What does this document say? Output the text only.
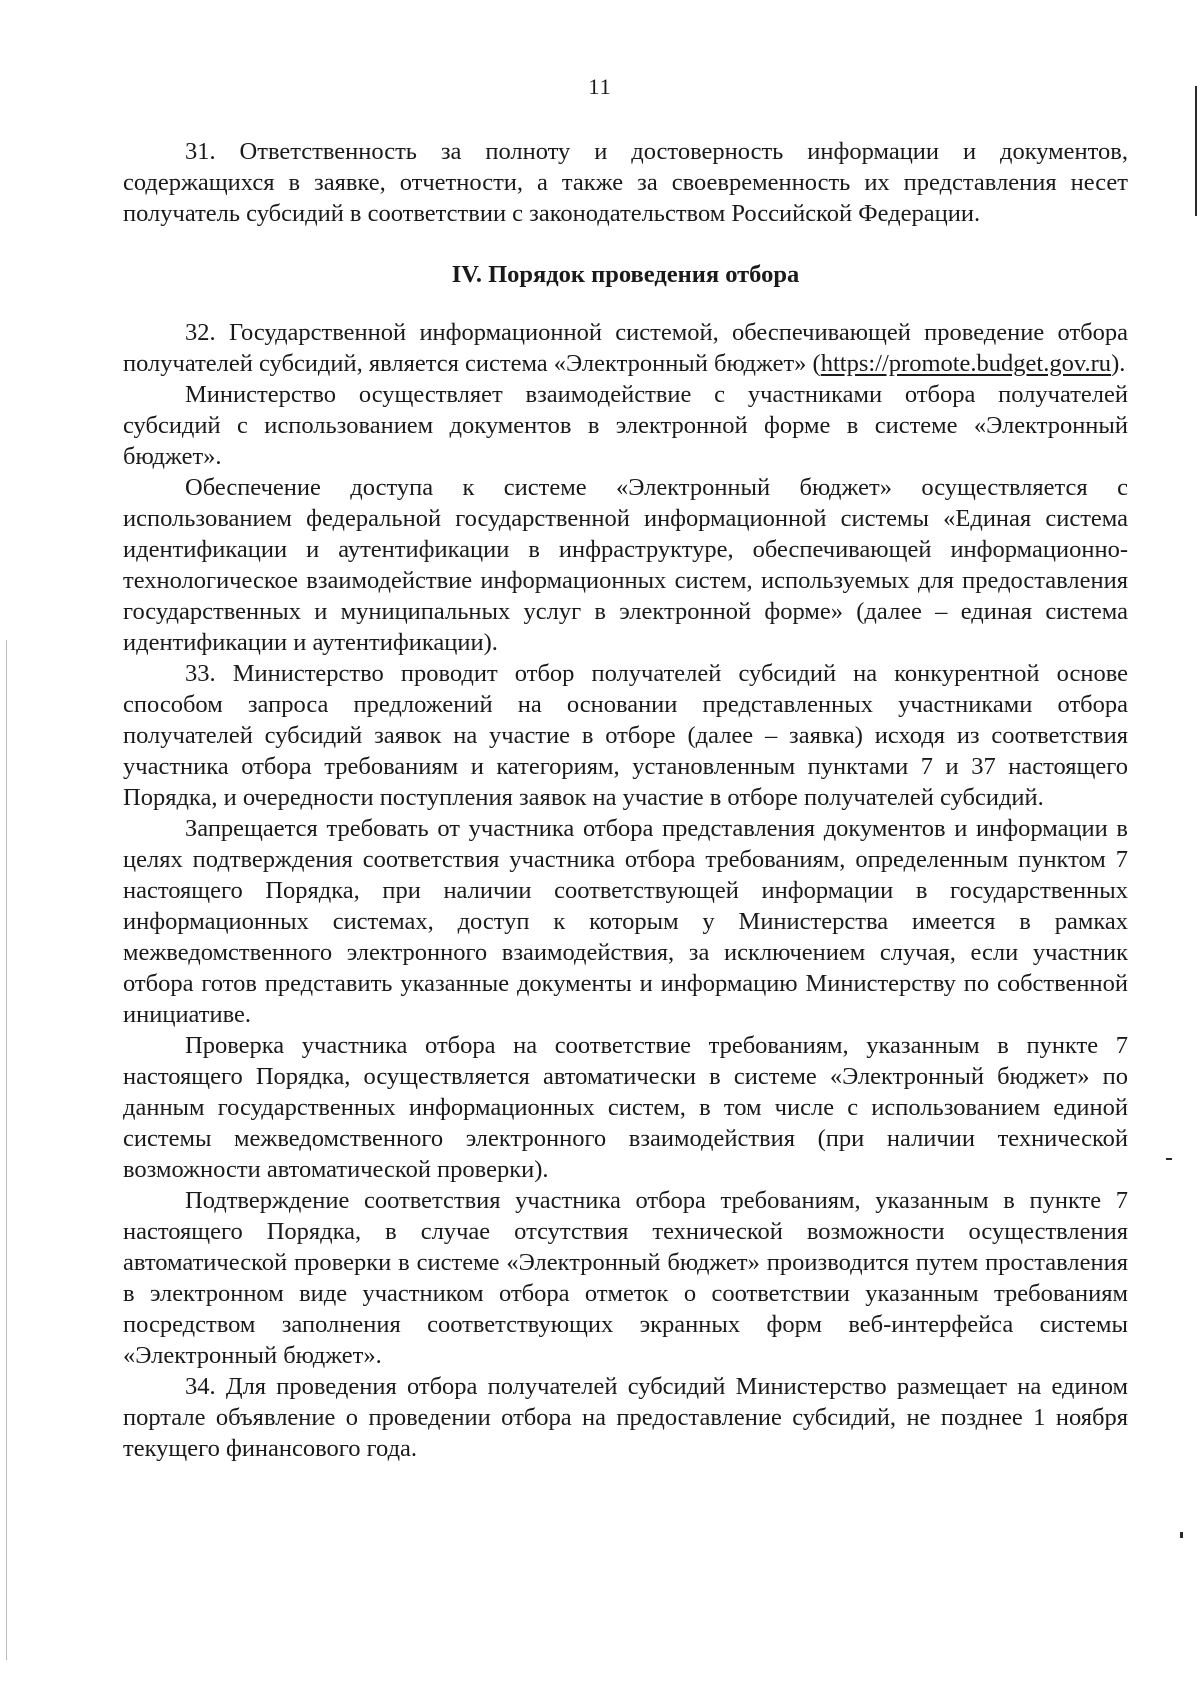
11

31. Ответственность за полноту и достоверность информации и документов, содержащихся в заявке, отчетности, а также за своевременность их представления несет получатель субсидий в соответствии с законодательством Российской Федерации.

IV. Порядок проведения отбора

32. Государственной информационной системой, обеспечивающей проведение отбора получателей субсидий, является система «Электронный бюджет» (https://promote.budget.gov.ru).

Министерство осуществляет взаимодействие с участниками отбора получателей субсидий с использованием документов в электронной форме в системе «Электронный бюджет».

Обеспечение доступа к системе «Электронный бюджет» осуществляется с использованием федеральной государственной информационной системы «Единая система идентификации и аутентификации в инфраструктуре, обеспечивающей информационно-технологическое взаимодействие информационных систем, используемых для предоставления государственных и муниципальных услуг в электронной форме» (далее – единая система идентификации и аутентификации).

33. Министерство проводит отбор получателей субсидий на конкурентной основе способом запроса предложений на основании представленных участниками отбора получателей субсидий заявок на участие в отборе (далее – заявка) исходя из соответствия участника отбора требованиям и категориям, установленным пунктами 7 и 37 настоящего Порядка, и очередности поступления заявок на участие в отборе получателей субсидий.

Запрещается требовать от участника отбора представления документов и информации в целях подтверждения соответствия участника отбора требованиям, определенным пунктом 7 настоящего Порядка, при наличии соответствующей информации в государственных информационных системах, доступ к которым у Министерства имеется в рамках межведомственного электронного взаимодействия, за исключением случая, если участник отбора готов представить указанные документы и информацию Министерству по собственной инициативе.

Проверка участника отбора на соответствие требованиям, указанным в пункте 7 настоящего Порядка, осуществляется автоматически в системе «Электронный бюджет» по данным государственных информационных систем, в том числе с использованием единой системы межведомственного электронного взаимодействия (при наличии технической возможности автоматической проверки).

Подтверждение соответствия участника отбора требованиям, указанным в пункте 7 настоящего Порядка, в случае отсутствия технической возможности осуществления автоматической проверки в системе «Электронный бюджет» производится путем проставления в электронном виде участником отбора отметок о соответствии указанным требованиям посредством заполнения соответствующих экранных форм веб-интерфейса системы «Электронный бюджет».

34. Для проведения отбора получателей субсидий Министерство размещает на едином портале объявление о проведении отбора на предоставление субсидий, не позднее 1 ноября текущего финансового года.
